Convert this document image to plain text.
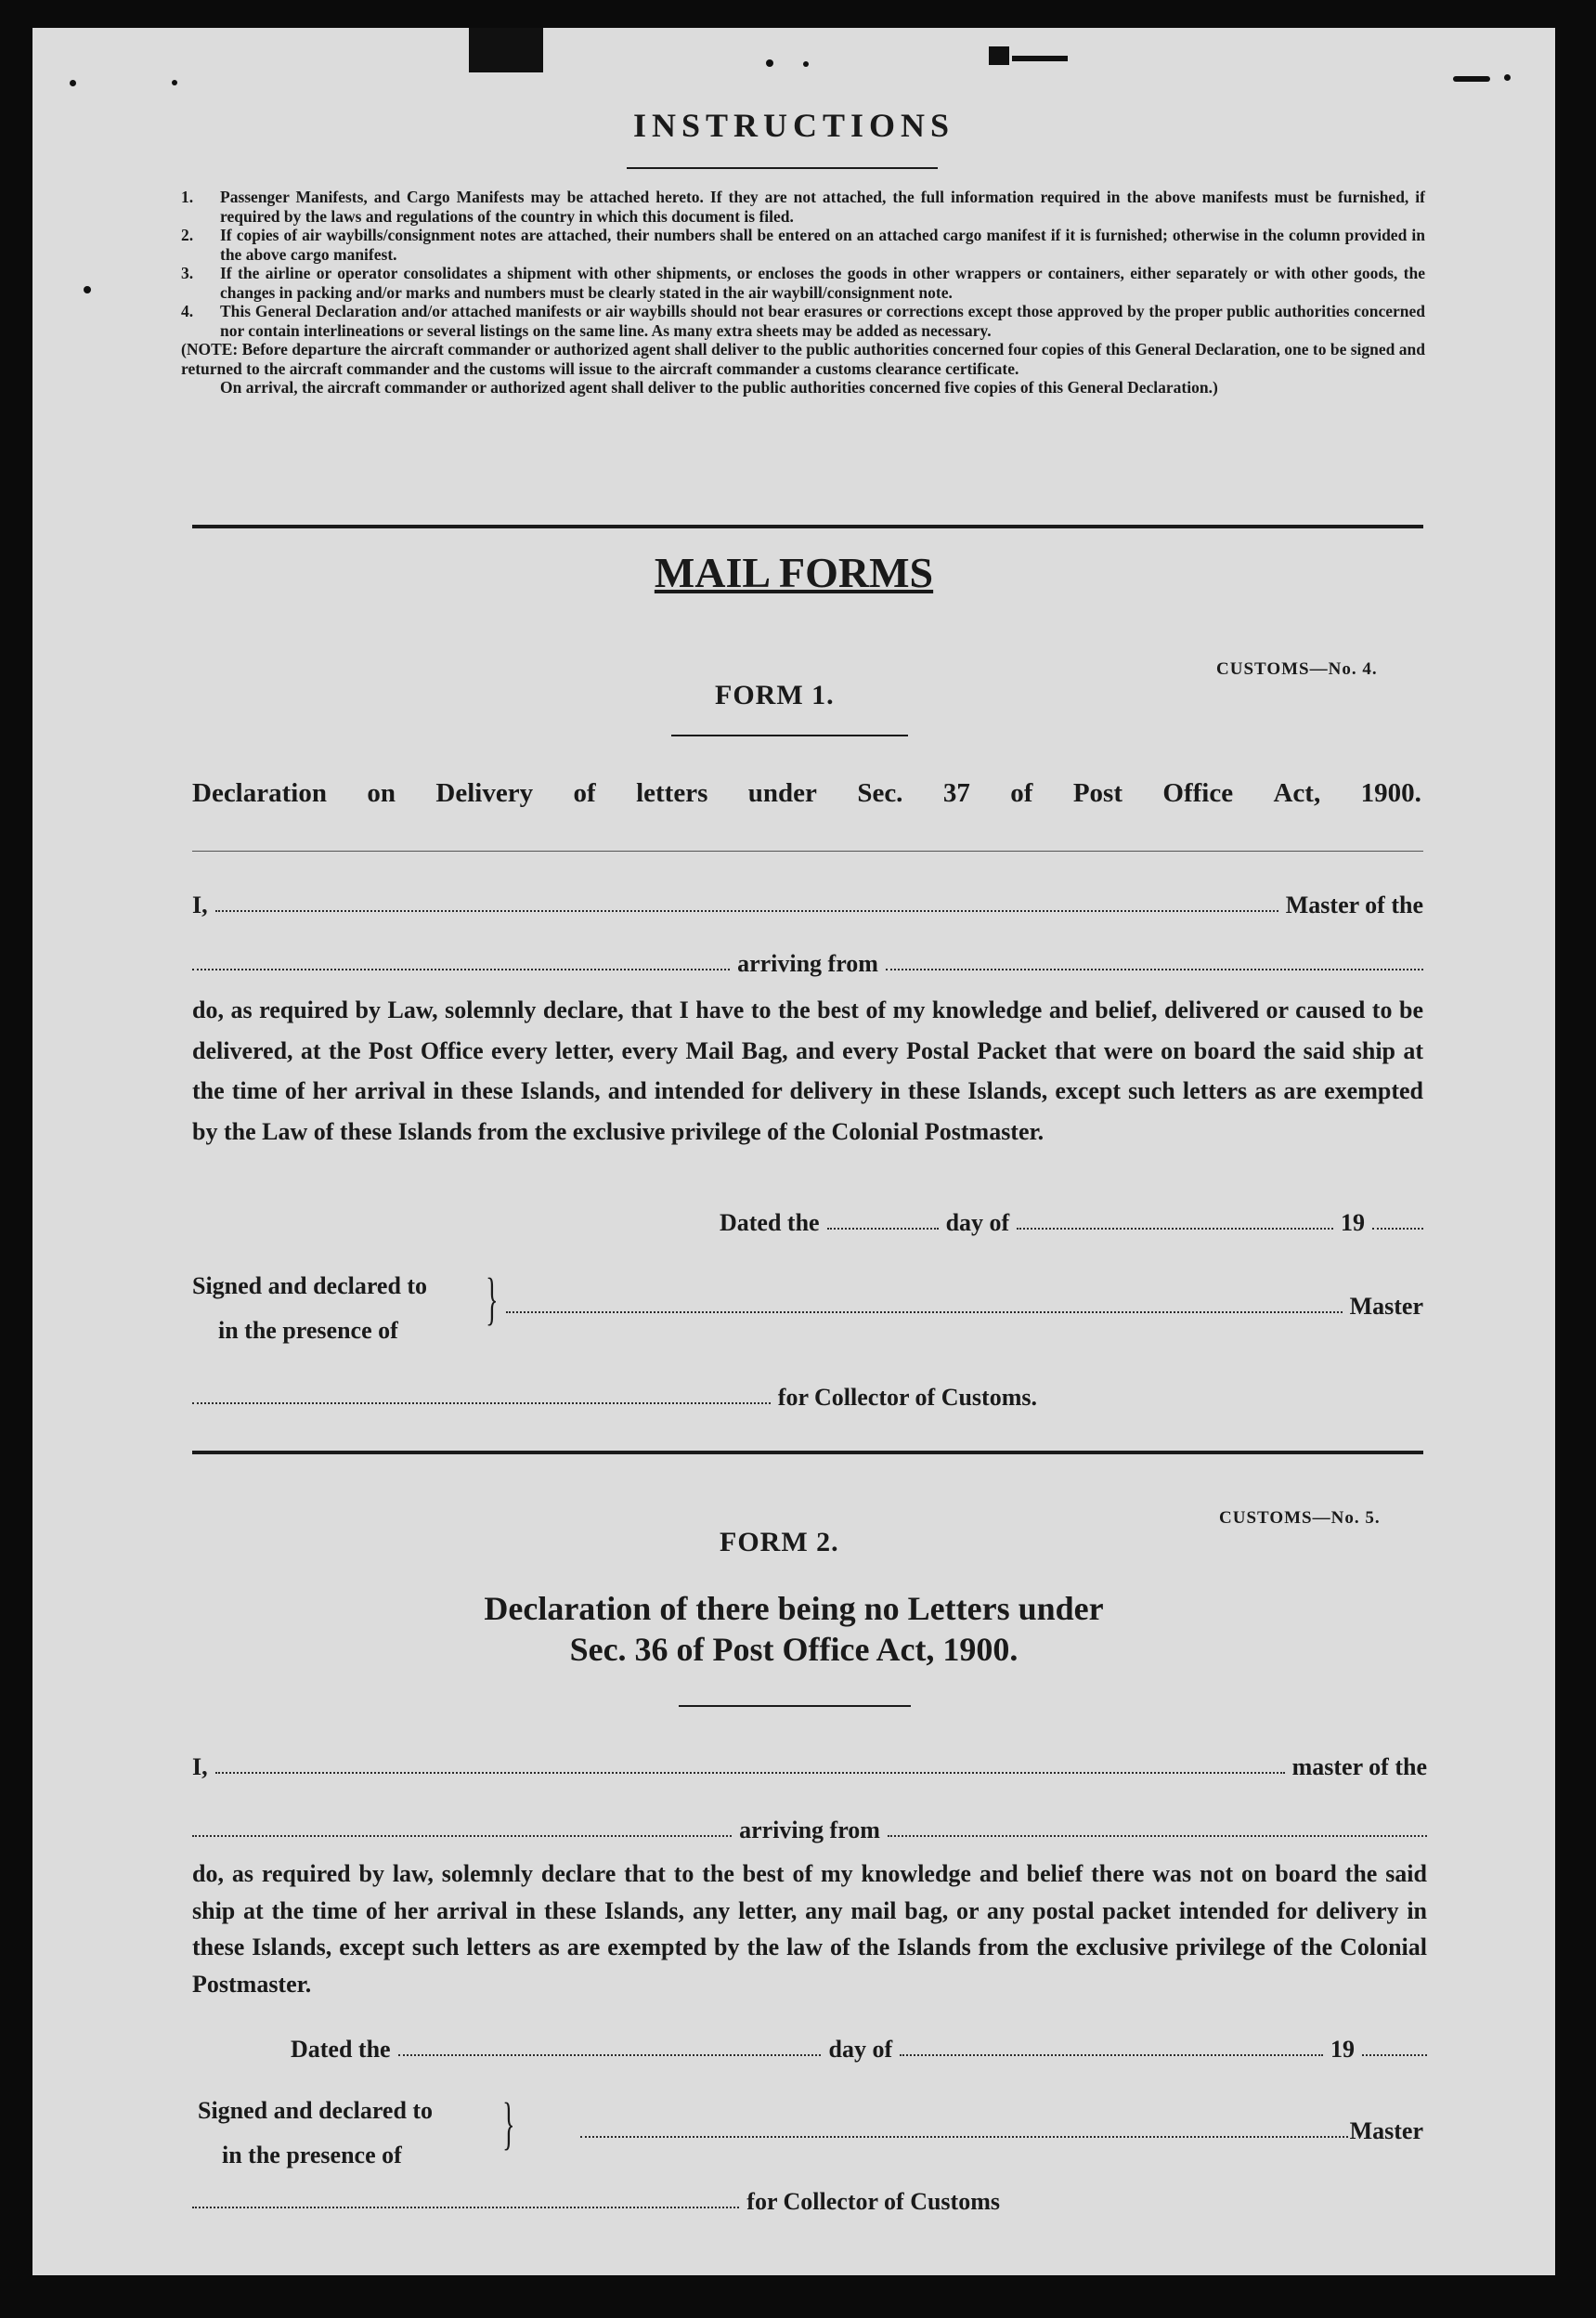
INSTRUCTIONS
1.	Passenger Manifests, and Cargo Manifests may be attached hereto. If they are not attached, the full information required in the above manifests must be furnished, if required by the laws and regulations of the country in which this document is filed.
2.	If copies of air waybills/consignment notes are attached, their numbers shall be entered on an attached cargo manifest if it is furnished; otherwise in the column provided in the above cargo manifest.
3.	If the airline or operator consolidates a shipment with other shipments, or encloses the goods in other wrappers or containers, either separately or with other goods, the changes in packing and/or marks and numbers must be clearly stated in the air waybill/consignment note.
4.	This General Declaration and/or attached manifests or air waybills should not bear erasures or corrections except those approved by the proper public authorities concerned nor contain interlineations or several listings on the same line. As many extra sheets may be added as necessary.
(NOTE: Before departure the aircraft commander or authorized agent shall deliver to the public authorities concerned four copies of this General Declaration, one to be signed and returned to the aircraft commander and the customs will issue to the aircraft commander a customs clearance certificate.
On arrival, the aircraft commander or authorized agent shall deliver to the public authorities concerned five copies of this General Declaration.)
MAIL FORMS
CUSTOMS—No. 4.
FORM 1.
Declaration on Delivery of letters under Sec. 37 of Post Office Act, 1900.
I,	Master of the
arriving from
do, as required by Law, solemnly declare, that I have to the best of my knowledge and belief, delivered or caused to be delivered, at the Post Office every letter, every Mail Bag, and every Postal Packet that were on board the said ship at the time of her arrival in these Islands, and intended for delivery in these Islands, except such letters as are exempted by the Law of these Islands from the exclusive privilege of the Colonial Postmaster.
Dated the	day of	19
Signed and declared to
in the presence of }	Master
for Collector of Customs.
CUSTOMS—No. 5.
FORM 2.
Declaration of there being no Letters under
Sec. 36 of Post Office Act, 1900.
I,	master of the
arriving from
do, as required by law, solemnly declare that to the best of my knowledge and belief there was not on board the said ship at the time of her arrival in these Islands, any letter, any mail bag, or any postal packet intended for delivery in these Islands, except such letters as are exempted by the law of the Islands from the exclusive privilege of the Colonial Postmaster.
Dated the	day of	19
Signed and declared to
in the presence of }	Master
for Collector of Customs
